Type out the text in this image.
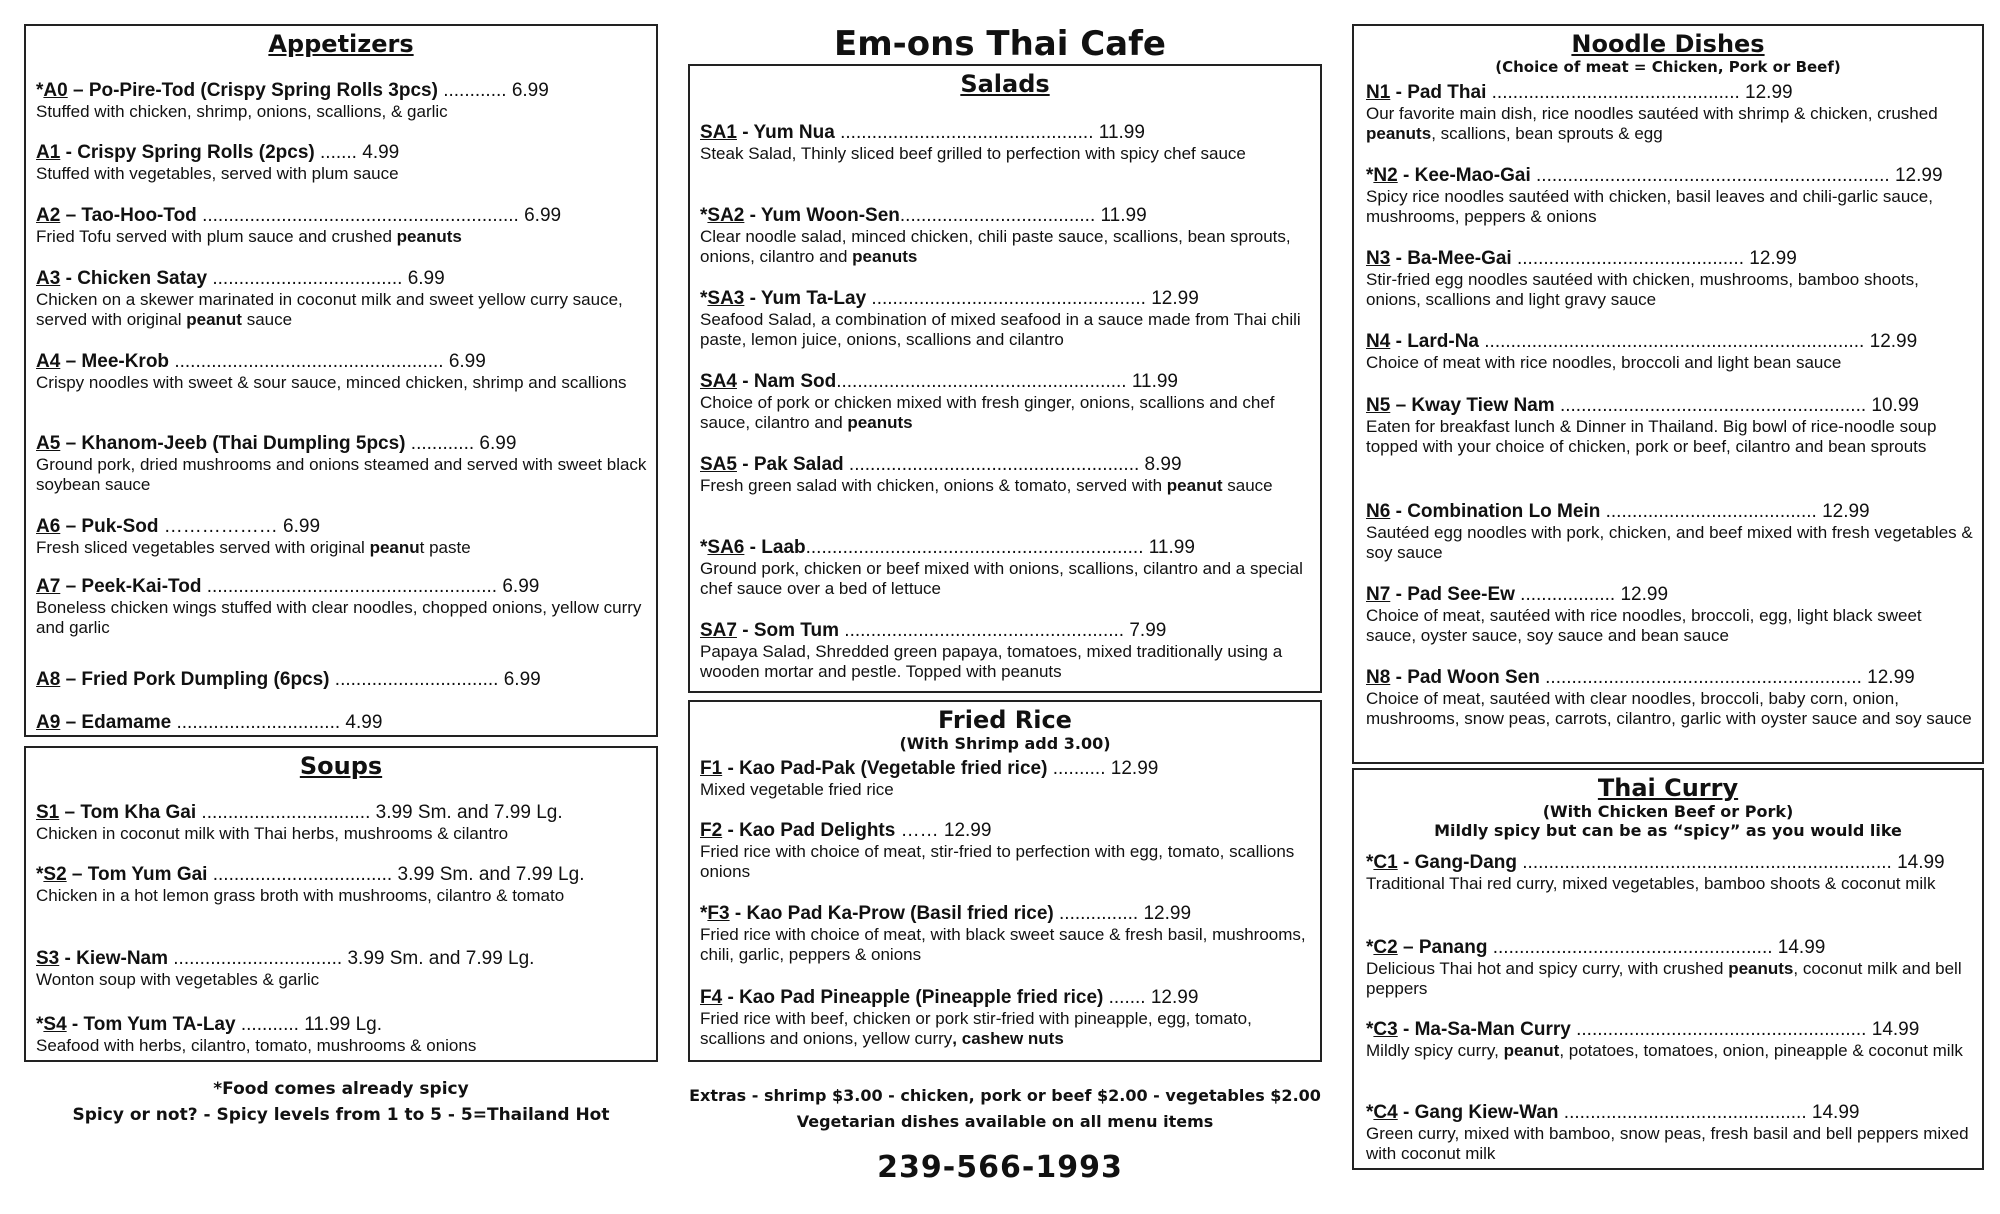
Em-ons Thai Cafe
Appetizers
*A0 – Po-Pire-Tod (Crispy Spring Rolls 3pcs) ............ 6.99
Stuffed with chicken, shrimp, onions, scallions, & garlic
A1 - Crispy Spring Rolls (2pcs) ....... 4.99
Stuffed with vegetables, served with plum sauce
A2 – Tao-Hoo-Tod ............................................................ 6.99
Fried Tofu served with plum sauce and crushed peanuts
A3 - Chicken Satay .................................... 6.99
Chicken on a skewer marinated in coconut milk and sweet yellow curry sauce, served with original peanut sauce
A4 – Mee-Krob ................................................... 6.99
Crispy noodles with sweet & sour sauce, minced chicken, shrimp and scallions
A5 – Khanom-Jeeb (Thai Dumpling 5pcs) ............ 6.99
Ground pork, dried mushrooms and onions steamed and served with sweet black soybean sauce
A6 – Puk-Sod ……………… 6.99
Fresh sliced vegetables served with original peanut paste
A7 – Peek-Kai-Tod ....................................................... 6.99
Boneless chicken wings stuffed with clear noodles, chopped onions, yellow curry and garlic
A8 – Fried Pork Dumpling (6pcs) ............................... 6.99
A9 – Edamame ............................... 4.99
Soups
S1 – Tom Kha Gai ................................ 3.99 Sm. and 7.99 Lg.
Chicken in coconut milk with Thai herbs, mushrooms & cilantro
*S2 – Tom Yum Gai .................................. 3.99 Sm. and 7.99 Lg.
Chicken in a hot lemon grass broth with mushrooms, cilantro & tomato
S3 - Kiew-Nam ................................ 3.99 Sm. and 7.99 Lg.
Wonton soup with vegetables & garlic
*S4 - Tom Yum TA-Lay ........... 11.99 Lg.
Seafood with herbs, cilantro, tomato, mushrooms & onions
*Food comes already spicy
Spicy or not? - Spicy levels from 1 to 5 - 5=Thailand Hot
Salads
SA1 - Yum Nua ................................................ 11.99
Steak Salad, Thinly sliced beef grilled to perfection with spicy chef sauce
*SA2 - Yum Woon-Sen..................................... 11.99
Clear noodle salad, minced chicken, chili paste sauce, scallions, bean sprouts, onions, cilantro and peanuts
*SA3 - Yum Ta-Lay .................................................... 12.99
Seafood Salad, a combination of mixed seafood in a sauce made from Thai chili paste, lemon juice, onions, scallions and cilantro
SA4 - Nam Sod....................................................... 11.99
Choice of pork or chicken mixed with fresh ginger, onions, scallions and chef sauce, cilantro and peanuts
SA5 - Pak Salad ....................................................... 8.99
Fresh green salad with chicken, onions & tomato, served with peanut sauce
*SA6 - Laab................................................................ 11.99
Ground pork, chicken or beef mixed with onions, scallions, cilantro and a special chef sauce over a bed of lettuce
SA7 - Som Tum ..................................................... 7.99
Papaya Salad, Shredded green papaya, tomatoes, mixed traditionally using a wooden mortar and pestle. Topped with peanuts
Fried Rice
(With Shrimp add 3.00)
F1 - Kao Pad-Pak (Vegetable fried rice) .......... 12.99
Mixed vegetable fried rice
F2 - Kao Pad Delights …… 12.99
Fried rice with choice of meat, stir-fried to perfection with egg, tomato, scallions onions
*F3 - Kao Pad Ka-Prow (Basil fried rice) ............... 12.99
Fried rice with choice of meat, with black sweet sauce & fresh basil, mushrooms, chili, garlic, peppers & onions
F4 - Kao Pad Pineapple (Pineapple fried rice) ....... 12.99
Fried rice with beef, chicken or pork stir-fried with pineapple, egg, tomato, scallions and onions, yellow curry, cashew nuts
Extras - shrimp $3.00 - chicken, pork or beef $2.00 - vegetables $2.00
Vegetarian dishes available on all menu items
239-566-1993
Noodle Dishes
(Choice of meat = Chicken, Pork or Beef)
N1 - Pad Thai ............................................... 12.99
Our favorite main dish, rice noodles sautéed with shrimp & chicken, crushed peanuts, scallions, bean sprouts & egg
*N2 - Kee-Mao-Gai ................................................................... 12.99
Spicy rice noodles sautéed with chicken, basil leaves and chili-garlic sauce, mushrooms, peppers & onions
N3 - Ba-Mee-Gai ........................................... 12.99
Stir-fried egg noodles sautéed with chicken, mushrooms, bamboo shoots, onions, scallions and light gravy sauce
N4 - Lard-Na ........................................................................ 12.99
Choice of meat with rice noodles, broccoli and light bean sauce
N5 – Kway Tiew Nam .......................................................... 10.99
Eaten for breakfast lunch & Dinner in Thailand. Big bowl of rice-noodle soup topped with your choice of chicken, pork or beef, cilantro and bean sprouts
N6 - Combination Lo Mein ........................................ 12.99
Sautéed egg noodles with pork, chicken, and beef mixed with fresh vegetables & soy sauce
N7 - Pad See-Ew .................. 12.99
Choice of meat, sautéed with rice noodles, broccoli, egg, light black sweet sauce, oyster sauce, soy sauce and bean sauce
N8 - Pad Woon Sen ............................................................ 12.99
Choice of meat, sautéed with clear noodles, broccoli, baby corn, onion, mushrooms, snow peas, carrots, cilantro, garlic with oyster sauce and soy sauce
Thai Curry
(With Chicken Beef or Pork)
Mildly spicy but can be as “spicy” as you would like
*C1 - Gang-Dang ...................................................................... 14.99
Traditional Thai red curry, mixed vegetables, bamboo shoots & coconut milk
*C2 – Panang ..................................................... 14.99
Delicious Thai hot and spicy curry, with crushed peanuts, coconut milk and bell peppers
*C3 - Ma-Sa-Man Curry ....................................................... 14.99
Mildly spicy curry, peanut, potatoes, tomatoes, onion, pineapple & coconut milk
*C4 - Gang Kiew-Wan .............................................. 14.99
Green curry, mixed with bamboo, snow peas, fresh basil and bell peppers mixed with coconut milk
